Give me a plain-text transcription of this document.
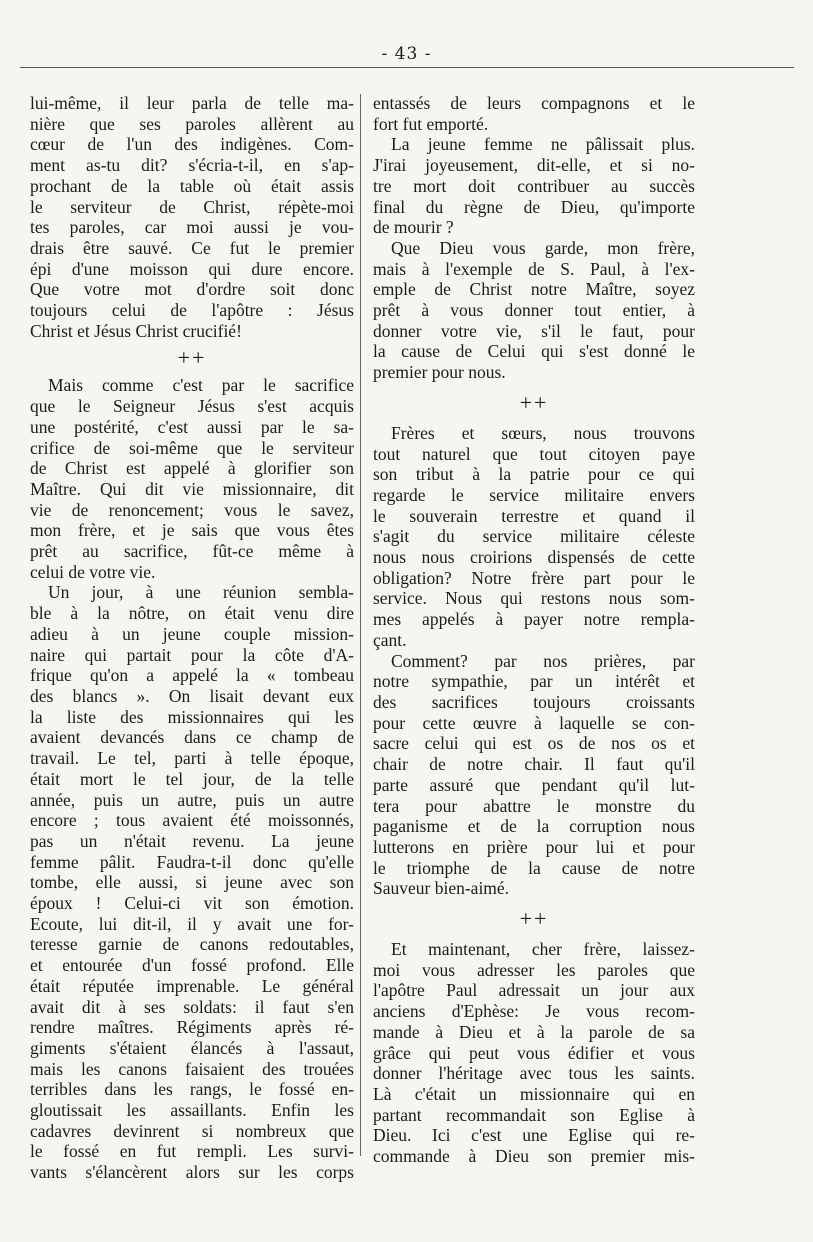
- 43 -
lui-même, il leur parla de telle ma-
nière que ses paroles allèrent au
cœur de l'un des indigènes. Com-
ment as-tu dit? s'écria-t-il, en s'ap-
prochant de la table où était assis
le serviteur de Christ, répète-moi
tes paroles, car moi aussi je vou-
drais être sauvé. Ce fut le premier
épi d'une moisson qui dure encore.
Que votre mot d'ordre soit donc
toujours celui de l'apôtre : Jésus
Christ et Jésus Christ crucifié!
++
Mais comme c'est par le sacrifice
que le Seigneur Jésus s'est acquis
une postérité, c'est aussi par le sa-
crifice de soi-même que le serviteur
de Christ est appelé à glorifier son
Maître. Qui dit vie missionnaire, dit
vie de renoncement; vous le savez,
mon frère, et je sais que vous êtes
prêt au sacrifice, fût-ce même à
celui de votre vie.
Un jour, à une réunion sembla-
ble à la nôtre, on était venu dire
adieu à un jeune couple mission-
naire qui partait pour la côte d'A-
frique qu'on a appelé la « tombeau
des blancs ». On lisait devant eux
la liste des missionnaires qui les
avaient devancés dans ce champ de
travail. Le tel, parti à telle époque,
était mort le tel jour, de la telle
année, puis un autre, puis un autre
encore ; tous avaient été moissonnés,
pas un n'était revenu. La jeune
femme pâlit. Faudra-t-il donc qu'elle
tombe, elle aussi, si jeune avec son
époux ! Celui-ci vit son émotion.
Ecoute, lui dit-il, il y avait une for-
teresse garnie de canons redoutables,
et entourée d'un fossé profond. Elle
était réputée imprenable. Le général
avait dit à ses soldats: il faut s'en
rendre maîtres. Régiments après ré-
giments s'étaient élancés à l'assaut,
mais les canons faisaient des trouées
terribles dans les rangs, le fossé en-
gloutissait les assaillants. Enfin les
cadavres devinrent si nombreux que
le fossé en fut rempli. Les survi-
vants s'élancèrent alors sur les corps
entassés de leurs compagnons et le
fort fut emporté.
La jeune femme ne pâlissait plus.
J'irai joyeusement, dit-elle, et si no-
tre mort doit contribuer au succès
final du règne de Dieu, qu'importe
de mourir ?
Que Dieu vous garde, mon frère,
mais à l'exemple de S. Paul, à l'ex-
emple de Christ notre Maître, soyez
prêt à vous donner tout entier, à
donner votre vie, s'il le faut, pour
la cause de Celui qui s'est donné le
premier pour nous.
++
Frères et sœurs, nous trouvons
tout naturel que tout citoyen paye
son tribut à la patrie pour ce qui
regarde le service militaire envers
le souverain terrestre et quand il
s'agit du service militaire céleste
nous nous croirions dispensés de cette
obligation? Notre frère part pour le
service. Nous qui restons nous som-
mes appelés à payer notre rempla-
çant.
Comment? par nos prières, par
notre sympathie, par un intérêt et
des sacrifices toujours croissants
pour cette œuvre à laquelle se con-
sacre celui qui est os de nos os et
chair de notre chair. Il faut qu'il
parte assuré que pendant qu'il lut-
tera pour abattre le monstre du
paganisme et de la corruption nous
lutterons en prière pour lui et pour
le triomphe de la cause de notre
Sauveur bien-aimé.
++
Et maintenant, cher frère, laissez-
moi vous adresser les paroles que
l'apôtre Paul adressait un jour aux
anciens d'Ephèse: Je vous recom-
mande à Dieu et à la parole de sa
grâce qui peut vous édifier et vous
donner l'héritage avec tous les saints.
Là c'était un missionnaire qui en
partant recommandait son Eglise à
Dieu. Ici c'est une Eglise qui re-
commande à Dieu son premier mis-
